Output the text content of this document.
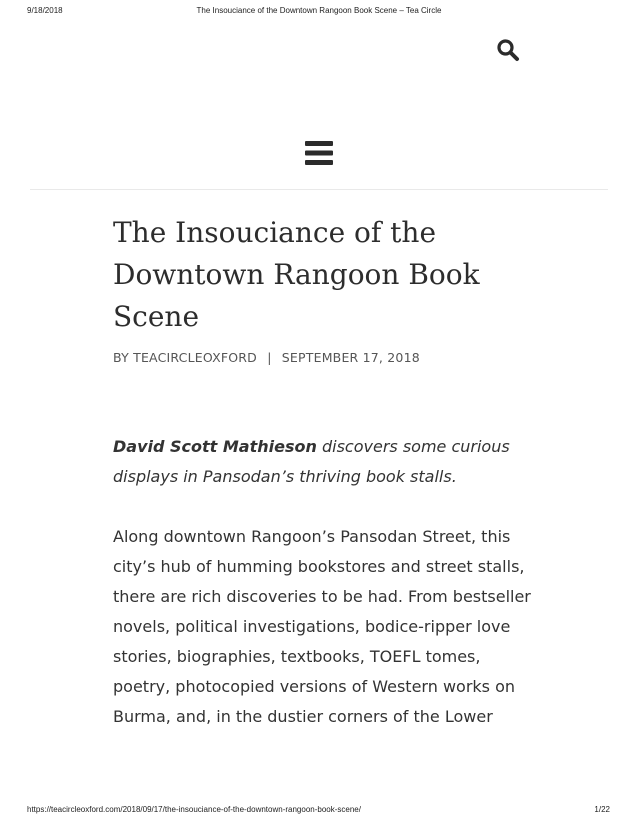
9/18/2018	The Insouciance of the Downtown Rangoon Book Scene – Tea Circle
The Insouciance of the Downtown Rangoon Book Scene
BY TEACIRCLEOXFORD | SEPTEMBER 17, 2018

David Scott Mathieson discovers some curious displays in Pansodan’s thriving book stalls.

Along downtown Rangoon’s Pansodan Street, this city’s hub of humming bookstores and street stalls, there are rich discoveries to be had. From bestseller novels, political investigations, bodice-ripper love stories, biographies, textbooks, TOEFL tomes, poetry, photocopied versions of Western works on Burma, and, in the dustier corners of the Lower

https://teacircleoxford.com/2018/09/17/the-insouciance-of-the-downtown-rangoon-book-scene/	1/22
